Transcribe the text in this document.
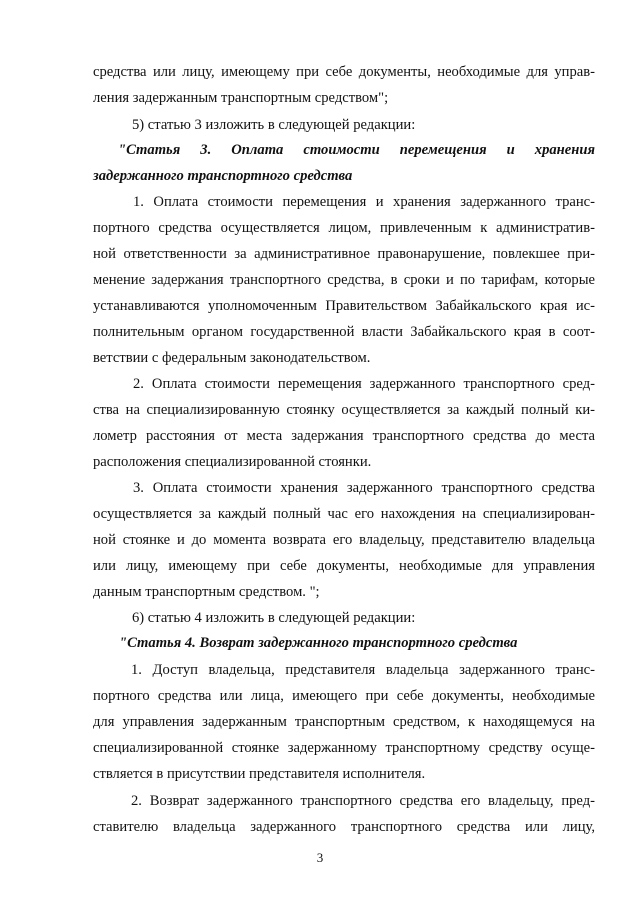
средства или лицу, имеющему при себе документы, необходимые для управ-
ления задержанным транспортным средством";
5) статью 3 изложить в следующей редакции:
"Статья 3. Оплата стоимости перемещения и хранения
задержанного транспортного средства
1. Оплата стоимости перемещения и хранения задержанного транс-
портного средства осуществляется лицом, привлеченным к административ-
ной ответственности за административное правонарушение, повлекшее при-
менение задержания транспортного средства, в сроки и по тарифам, которые
устанавливаются уполномоченным Правительством Забайкальского края ис-
полнительным органом государственной власти Забайкальского края в соот-
ветствии с федеральным законодательством.
2. Оплата стоимости перемещения задержанного транспортного сред-
ства на специализированную стоянку осуществляется за каждый полный ки-
лометр расстояния от места задержания транспортного средства до места
расположения специализированной стоянки.
3. Оплата стоимости хранения задержанного транспортного средства
осуществляется за каждый полный час его нахождения на специализирован-
ной стоянке и до момента возврата его владельцу, представителю владельца
или лицу, имеющему при себе документы, необходимые для управления
данным транспортным средством. ";
6) статью 4 изложить в следующей редакции:
"Статья 4. Возврат задержанного транспортного средства
1. Доступ владельца, представителя владельца задержанного транс-
портного средства или лица, имеющего при себе документы, необходимые
для управления задержанным транспортным средством, к находящемуся на
специализированной стоянке задержанному транспортному средству осуще-
ствляется в присутствии представителя исполнителя.
2. Возврат задержанного транспортного средства его владельцу, пред-
ставителю владельца задержанного транспортного средства или лицу,
3
